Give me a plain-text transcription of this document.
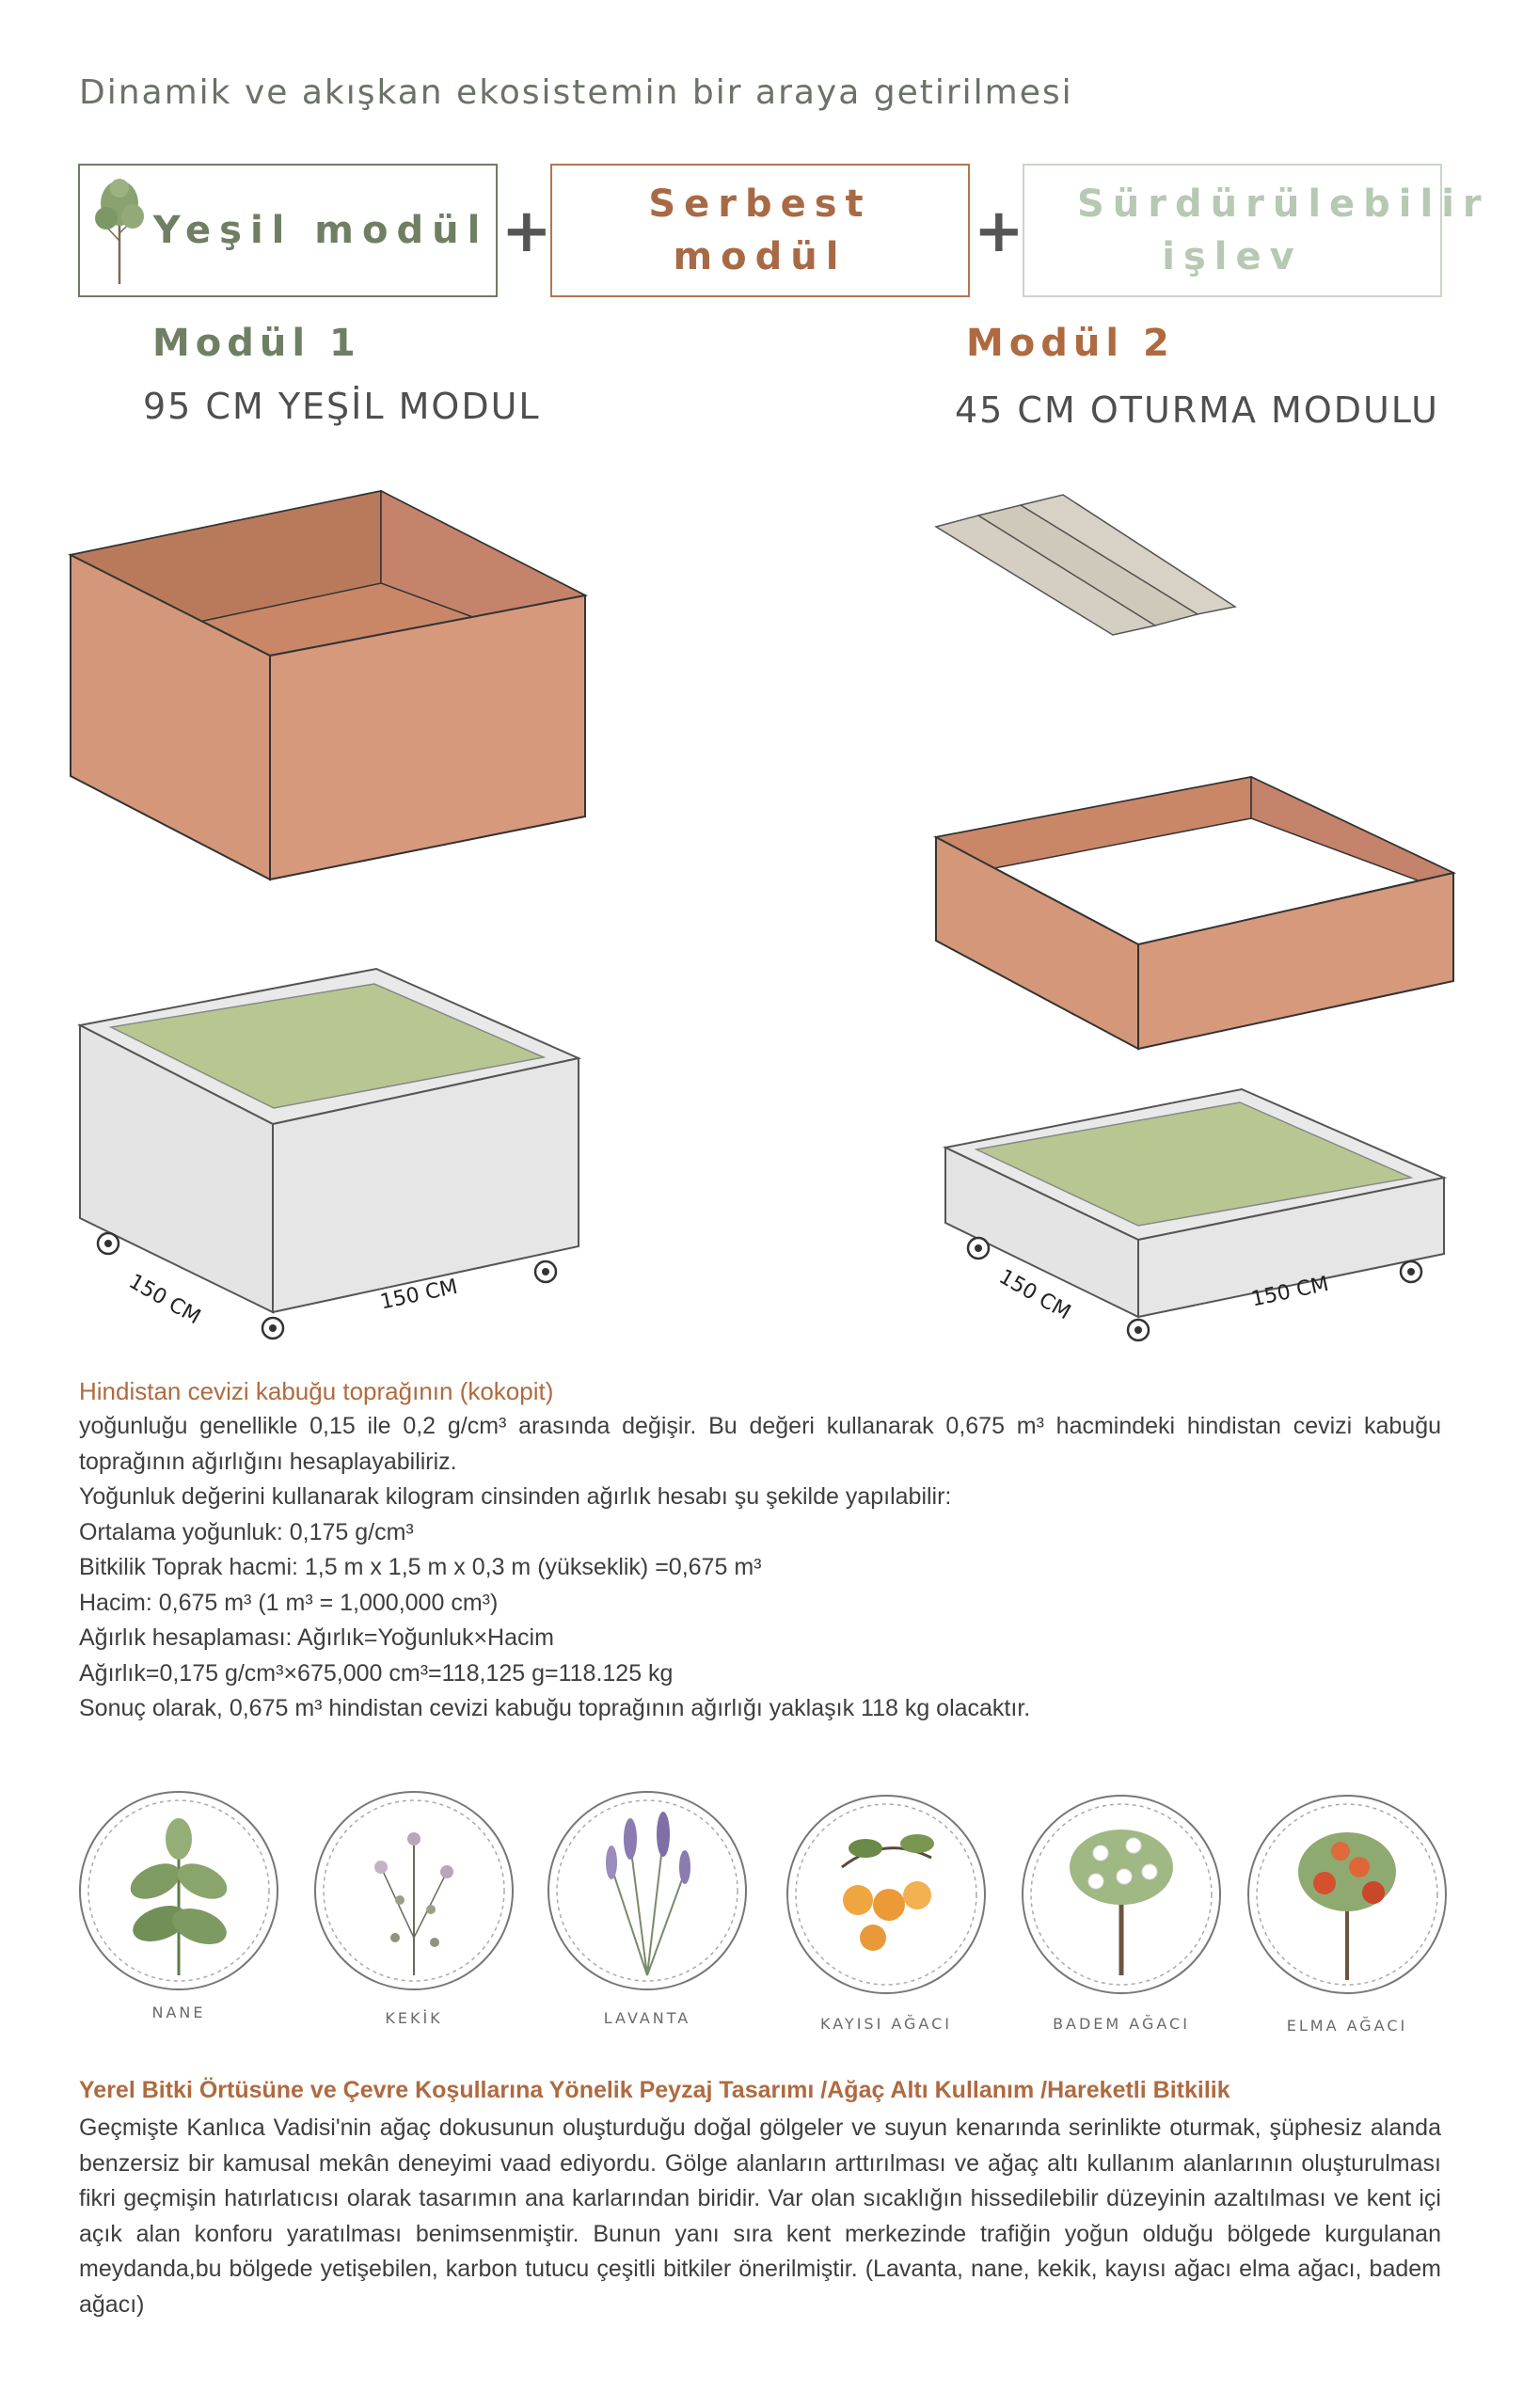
Dinamik ve akışkan ekosistemin bir araya getirilmesi
Yeşil modül +	Serbest modül	+ Sürdürülebilir işlev
Modül 1
95 CM YEŞİL MODUL
Modül 2
45 CM OTURMA MODULU
150 CM	150 CM	150 CM	150 CM
Hindistan cevizi kabuğu toprağının (kokopit)
yoğunluğu genellikle 0,15 ile 0,2 g/cm³ arasında değişir. Bu değeri kullanarak 0,675 m³ hacmindeki hindistan cevizi kabuğu toprağının ağırlığını hesaplayabiliriz.
Yoğunluk değerini kullanarak kilogram cinsinden ağırlık hesabı şu şekilde yapılabilir:
Ortalama yoğunluk: 0,175 g/cm³
Bitkilik Toprak hacmi: 1,5 m x 1,5 m x 0,3 m (yükseklik) =0,675 m³
Hacim: 0,675 m³ (1 m³ = 1,000,000 cm³)
Ağırlık hesaplaması: Ağırlık=Yoğunluk×Hacim
Ağırlık=0,175 g/cm³×675,000 cm³=118,125 g=118.125 kg
Sonuç olarak, 0,675 m³ hindistan cevizi kabuğu toprağının ağırlığı yaklaşık 118 kg olacaktır.
NANE	KEKİK	LAVANTA	KAYISI AĞACI	BADEM AĞACI	ELMA AĞACI
Yerel Bitki Örtüsüne ve Çevre Koşullarına Yönelik Peyzaj Tasarımı /Ağaç Altı Kullanım /Hareketli Bitkilik
Geçmişte Kanlıca Vadisi'nin ağaç dokusunun oluşturduğu doğal gölgeler ve suyun kenarında serinlikte oturmak, şüphesiz alanda benzersiz bir kamusal mekân deneyimi vaad ediyordu. Gölge alanların arttırılması ve ağaç altı kullanım alanlarının oluşturulması fikri geçmişin hatırlatıcısı olarak tasarımın ana karlarından biridir. Var olan sıcaklığın hissedilebilir düzeyinin azaltılması ve kent içi açık alan konforu yaratılması benimsenmiştir. Bunun yanı sıra kent merkezinde trafiğin yoğun olduğu bölgede kurgulanan meydanda,bu bölgede yetişebilen, karbon tutucu çeşitli bitkiler önerilmiştir. (Lavanta, nane, kekik, kayısı ağacı elma ağacı, badem ağacı)
